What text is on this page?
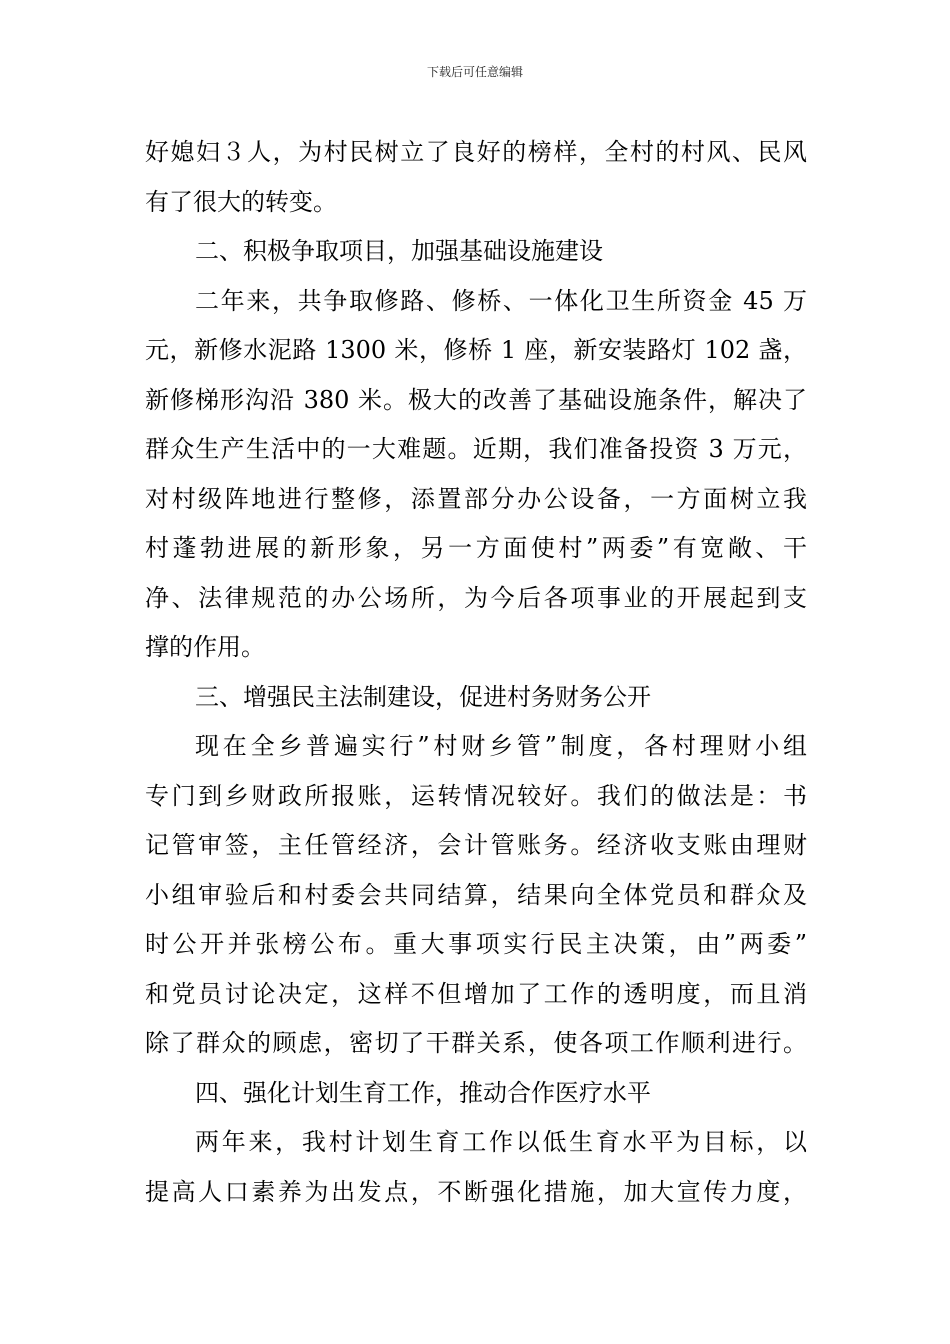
下载后可任意编辑
好媳妇３人，为村民树立了良好的榜样，全村的村风、民风
有了很大的转变。
二、积极争取项目，加强基础设施建设
二年来，共争取修路、修桥、一体化卫生所资金 45 万
元，新修水泥路 1300 米，修桥 1 座，新安装路灯 102 盏，
新修梯形沟沿 380 米。极大的改善了基础设施条件，解决了
群众生产生活中的一大难题。近期，我们准备投资 3 万元，
对村级阵地进行整修，添置部分办公设备，一方面树立我
村蓬勃进展的新形象，另一方面使村”两委”有宽敞、干
净、法律规范的办公场所，为今后各项事业的开展起到支
撑的作用。
三、增强民主法制建设，促进村务财务公开
现在全乡普遍实行”村财乡管”制度，各村理财小组
专门到乡财政所报账，运转情况较好。我们的做法是：书
记管审签，主任管经济，会计管账务。经济收支账由理财
小组审验后和村委会共同结算，结果向全体党员和群众及
时公开并张榜公布。重大事项实行民主决策，由”两委”
和党员讨论决定，这样不但增加了工作的透明度，而且消
除了群众的顾虑，密切了干群关系，使各项工作顺利进行。
四、强化计划生育工作，推动合作医疗水平
两年来，我村计划生育工作以低生育水平为目标，以
提高人口素养为出发点，不断强化措施，加大宣传力度，
